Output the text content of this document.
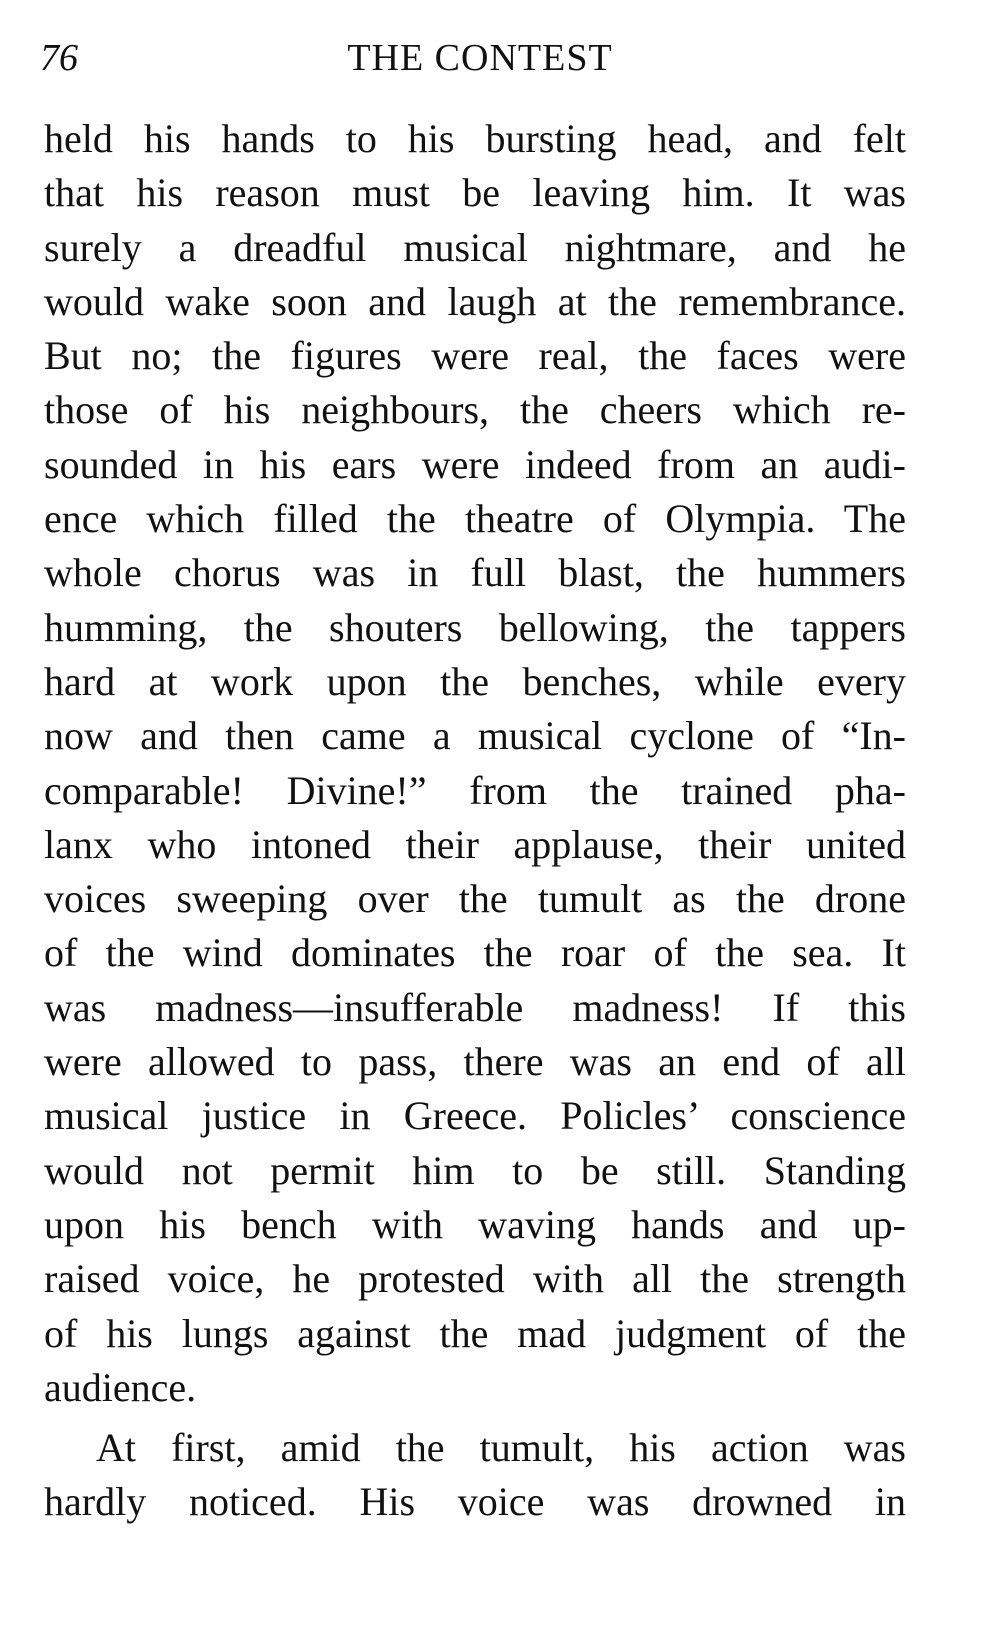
76	THE CONTEST
held his hands to his bursting head, and felt
that his reason must be leaving him. It was
surely a dreadful musical nightmare, and he
would wake soon and laugh at the remembrance.
But no; the figures were real, the faces were
those of his neighbours, the cheers which re-
sounded in his ears were indeed from an audi-
ence which filled the theatre of Olympia. The
whole chorus was in full blast, the hummers
humming, the shouters bellowing, the tappers
hard at work upon the benches, while every
now and then came a musical cyclone of “In-
comparable! Divine!” from the trained pha-
lanx who intoned their applause, their united
voices sweeping over the tumult as the drone
of the wind dominates the roar of the sea. It
was madness—insufferable madness! If this
were allowed to pass, there was an end of all
musical justice in Greece. Policles’ conscience
would not permit him to be still. Standing
upon his bench with waving hands and up-
raised voice, he protested with all the strength
of his lungs against the mad judgment of the
audience.
At first, amid the tumult, his action was
hardly noticed. His voice was drowned in
